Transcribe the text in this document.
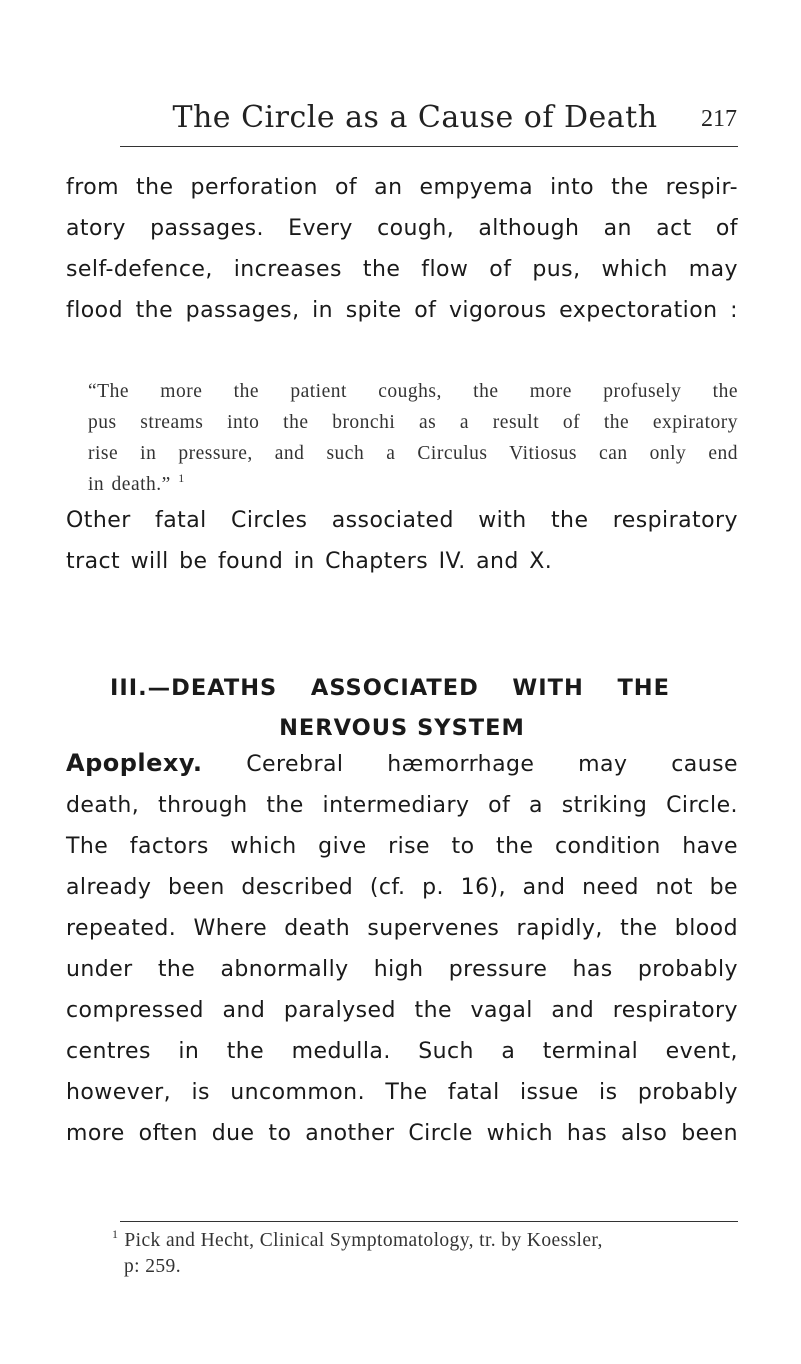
The Circle as a Cause of Death	217

from the perforation of an empyema into the respir-
atory passages. Every cough, although an act of
self-defence, increases the flow of pus, which may
flood the passages, in spite of vigorous expectoration :

“The more the patient coughs, the more profusely the
pus streams into the bronchi as a result of the expiratory
rise in pressure, and such a Circulus Vitiosus can only end
in death.” $^1$

Other fatal Circles associated with the respiratory
tract will be found in Chapters IV. and X.

III.—DEATHS ASSOCIATED WITH THE
NERVOUS SYSTEM

Apoplexy. Cerebral hæmorrhage may cause
death, through the intermediary of a striking Circle.
The factors which give rise to the condition have
already been described (cf. p. 16), and need not be
repeated. Where death supervenes rapidly, the blood
under the abnormally high pressure has probably
compressed and paralysed the vagal and respiratory
centres in the medulla. Such a terminal event,
however, is uncommon. The fatal issue is probably
more often due to another Circle which has also been

$^1$ Pick and Hecht, Clinical Symptomatology, tr. by Koessler,
p: 259.
